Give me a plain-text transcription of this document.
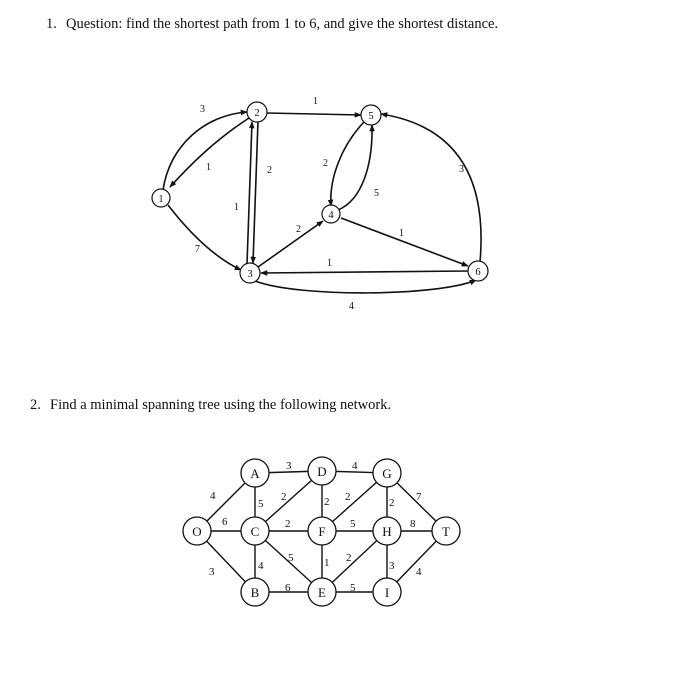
1. Question: find the shortest path from 1 to 6, and give the shortest distance.
2. Find a minimal spanning tree using the following network.
3
1
7
2
1
1
2
5
2	1
1
4
3
1
2
3
4
5
6
4
6
3
3
5
2
2
4
5
6
4
2 2
5
1 2
5
2 7
8
3 4
O
A
B
C
D
E
F
G
H
I
T
